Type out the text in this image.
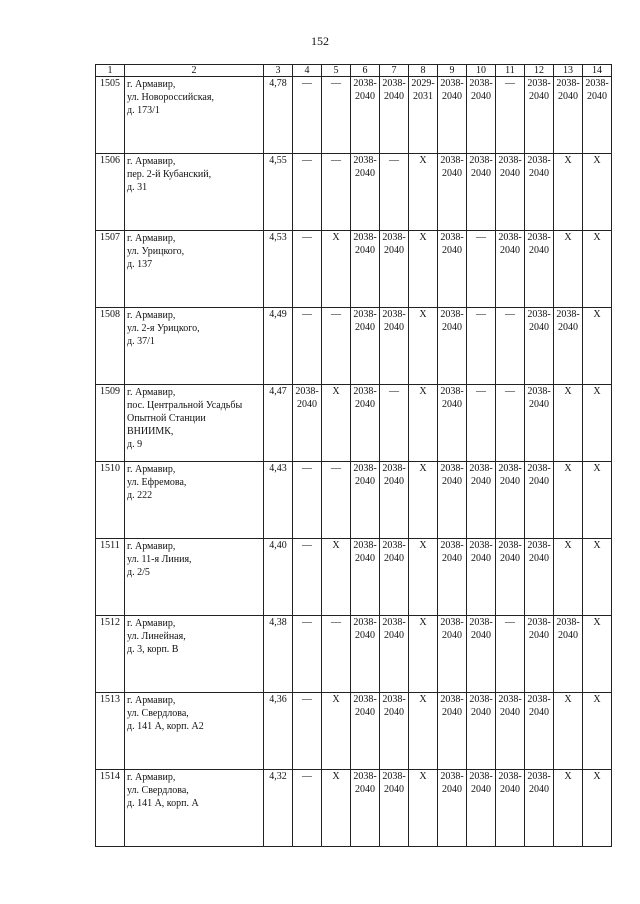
152
1	2	3	4	5	6	7	8	9	10	11	12	13	14
1505	г. Армавир,
ул. Новороссийская,
д. 173/1	4,78	—	—	2038-
2040	2038-
2040	2029-
2031	2038-
2040	2038-
2040	—	2038-
2040	2038-
2040	2038-
2040
1506	г. Армавир,
пер. 2-й Кубанский,
д. 31	4,55	—	—	2038-
2040	—	Х	2038-
2040	2038-
2040	2038-
2040	2038-
2040	Х	Х
1507	г. Армавир,
ул. Урицкого,
д. 137	4,53	—	Х	2038-
2040	2038-
2040	Х	2038-
2040	—	2038-
2040	2038-
2040	Х	Х
1508	г. Армавир,
ул. 2-я Урицкого,
д. 37/1	4,49	—	—	2038-
2040	2038-
2040	Х	2038-
2040	—	—	2038-
2040	2038-
2040	Х
1509	г. Армавир,
пос. Центральной Усадьбы
Опытной Станции
ВНИИМК,
д. 9	4,47	2038-
2040	Х	2038-
2040	—	Х	2038-
2040	—	—	2038-
2040	Х	Х
1510	г. Армавир,
ул. Ефремова,
д. 222	4,43	—	—	2038-
2040	2038-
2040	Х	2038-
2040	2038-
2040	2038-
2040	2038-
2040	Х	Х
1511	г. Армавир,
ул. 11-я Линия,
д. 2/5	4,40	—	Х	2038-
2040	2038-
2040	Х	2038-
2040	2038-
2040	2038-
2040	2038-
2040	Х	Х
1512	г. Армавир,
ул. Линейная,
д. 3, корп. В	4,38	—	—	2038-
2040	2038-
2040	Х	2038-
2040	2038-
2040	—	2038-
2040	2038-
2040	Х
1513	г. Армавир,
ул. Свердлова,
д. 141 А, корп. А2	4,36	—	Х	2038-
2040	2038-
2040	Х	2038-
2040	2038-
2040	2038-
2040	2038-
2040	Х	Х
1514	г. Армавир,
ул. Свердлова,
д. 141 А, корп. А	4,32	—	Х	2038-
2040	2038-
2040	Х	2038-
2040	2038-
2040	2038-
2040	2038-
2040	Х	Х
